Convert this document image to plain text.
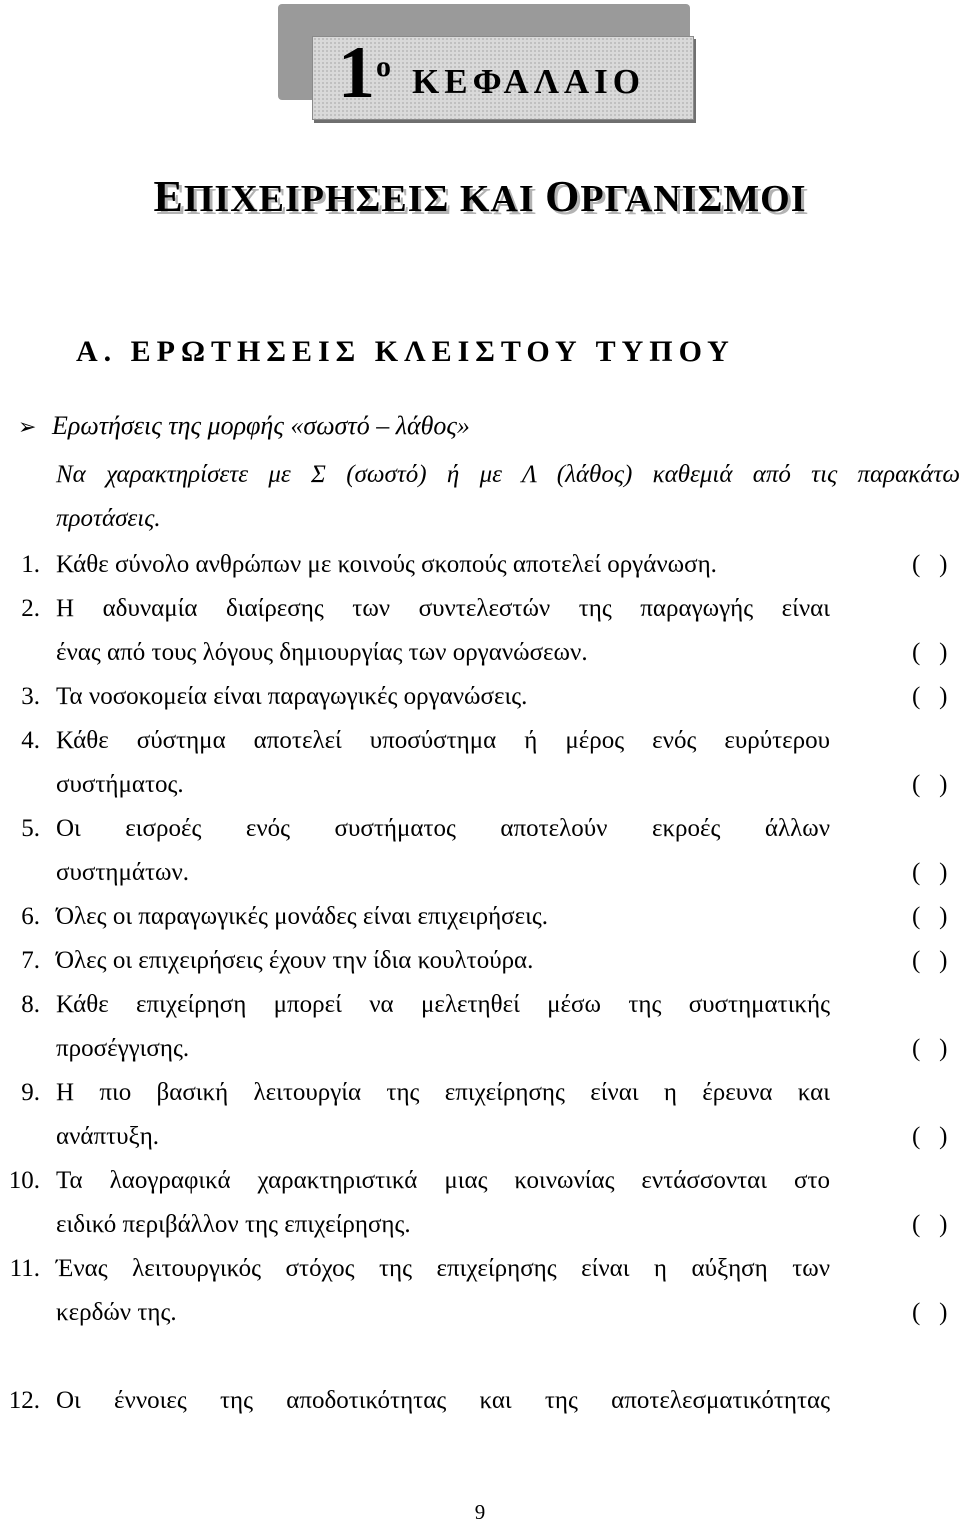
1 ο ΚΕΦΑΛΑΙΟ
ΕΠΙΧΕΙΡΗΣΕΙΣ ΚΑΙ ΟΡΓΑΝΙΣΜΟΙ
Α. ΕΡΩΤΗΣΕΙΣ ΚΛΕΙΣΤΟΥ ΤΥΠΟΥ
➢ Ερωτήσεις της μορφής «σωστό – λάθος»
Να χαρακτηρίσετε με Σ (σωστό) ή με Λ (λάθος) καθεμιά από τις παρακάτω
προτάσεις.
1. Κάθε σύνολο ανθρώπων με κοινούς σκοπούς αποτελεί οργάνωση.	(   )
2. Η αδυναμία διαίρεσης των συντελεστών της παραγωγής είναι
ένας από τους λόγους δημιουργίας των οργανώσεων.	(   )
3. Τα νοσοκομεία είναι παραγωγικές οργανώσεις.	(   )
4. Κάθε σύστημα αποτελεί υποσύστημα ή μέρος ενός ευρύτερου
συστήματος.	(   )
5. Οι εισροές ενός συστήματος αποτελούν εκροές άλλων
συστημάτων.	(   )
6. Όλες οι παραγωγικές μονάδες είναι επιχειρήσεις.	(   )
7. Όλες οι επιχειρήσεις έχουν την ίδια κουλτούρα.	(   )
8. Κάθε επιχείρηση μπορεί να μελετηθεί μέσω της συστηματικής
προσέγγισης.	(   )
9. Η πιο βασική λειτουργία της επιχείρησης είναι η έρευνα και
ανάπτυξη.	(   )
10. Τα λαογραφικά χαρακτηριστικά μιας κοινωνίας εντάσσονται στο
ειδικό περιβάλλον της επιχείρησης.	(   )
11. Ένας λειτουργικός στόχος της επιχείρησης είναι η αύξηση των
κερδών της.	(   )
12. Οι έννοιες της αποδοτικότητας και της αποτελεσματικότητας
9
